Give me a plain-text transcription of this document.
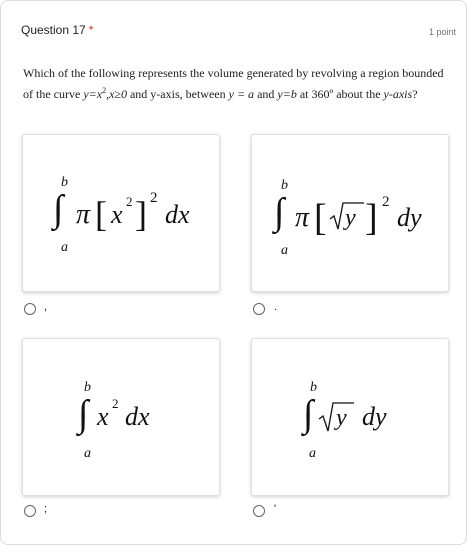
Question 17 *	1 point
Which of the following represents the volume generated by revolving a region bounded of the curve $y=x^2,x\ge 0$ and y-axis, between y = a and y=b at 360º about the y-axis?
b
∫
a
π [ x 2 ] 2
dx
,
b
∫
a
π [ y ] 2
dy
.
b
∫
a
x 2 dx
;
b
∫
a
y dy
'
